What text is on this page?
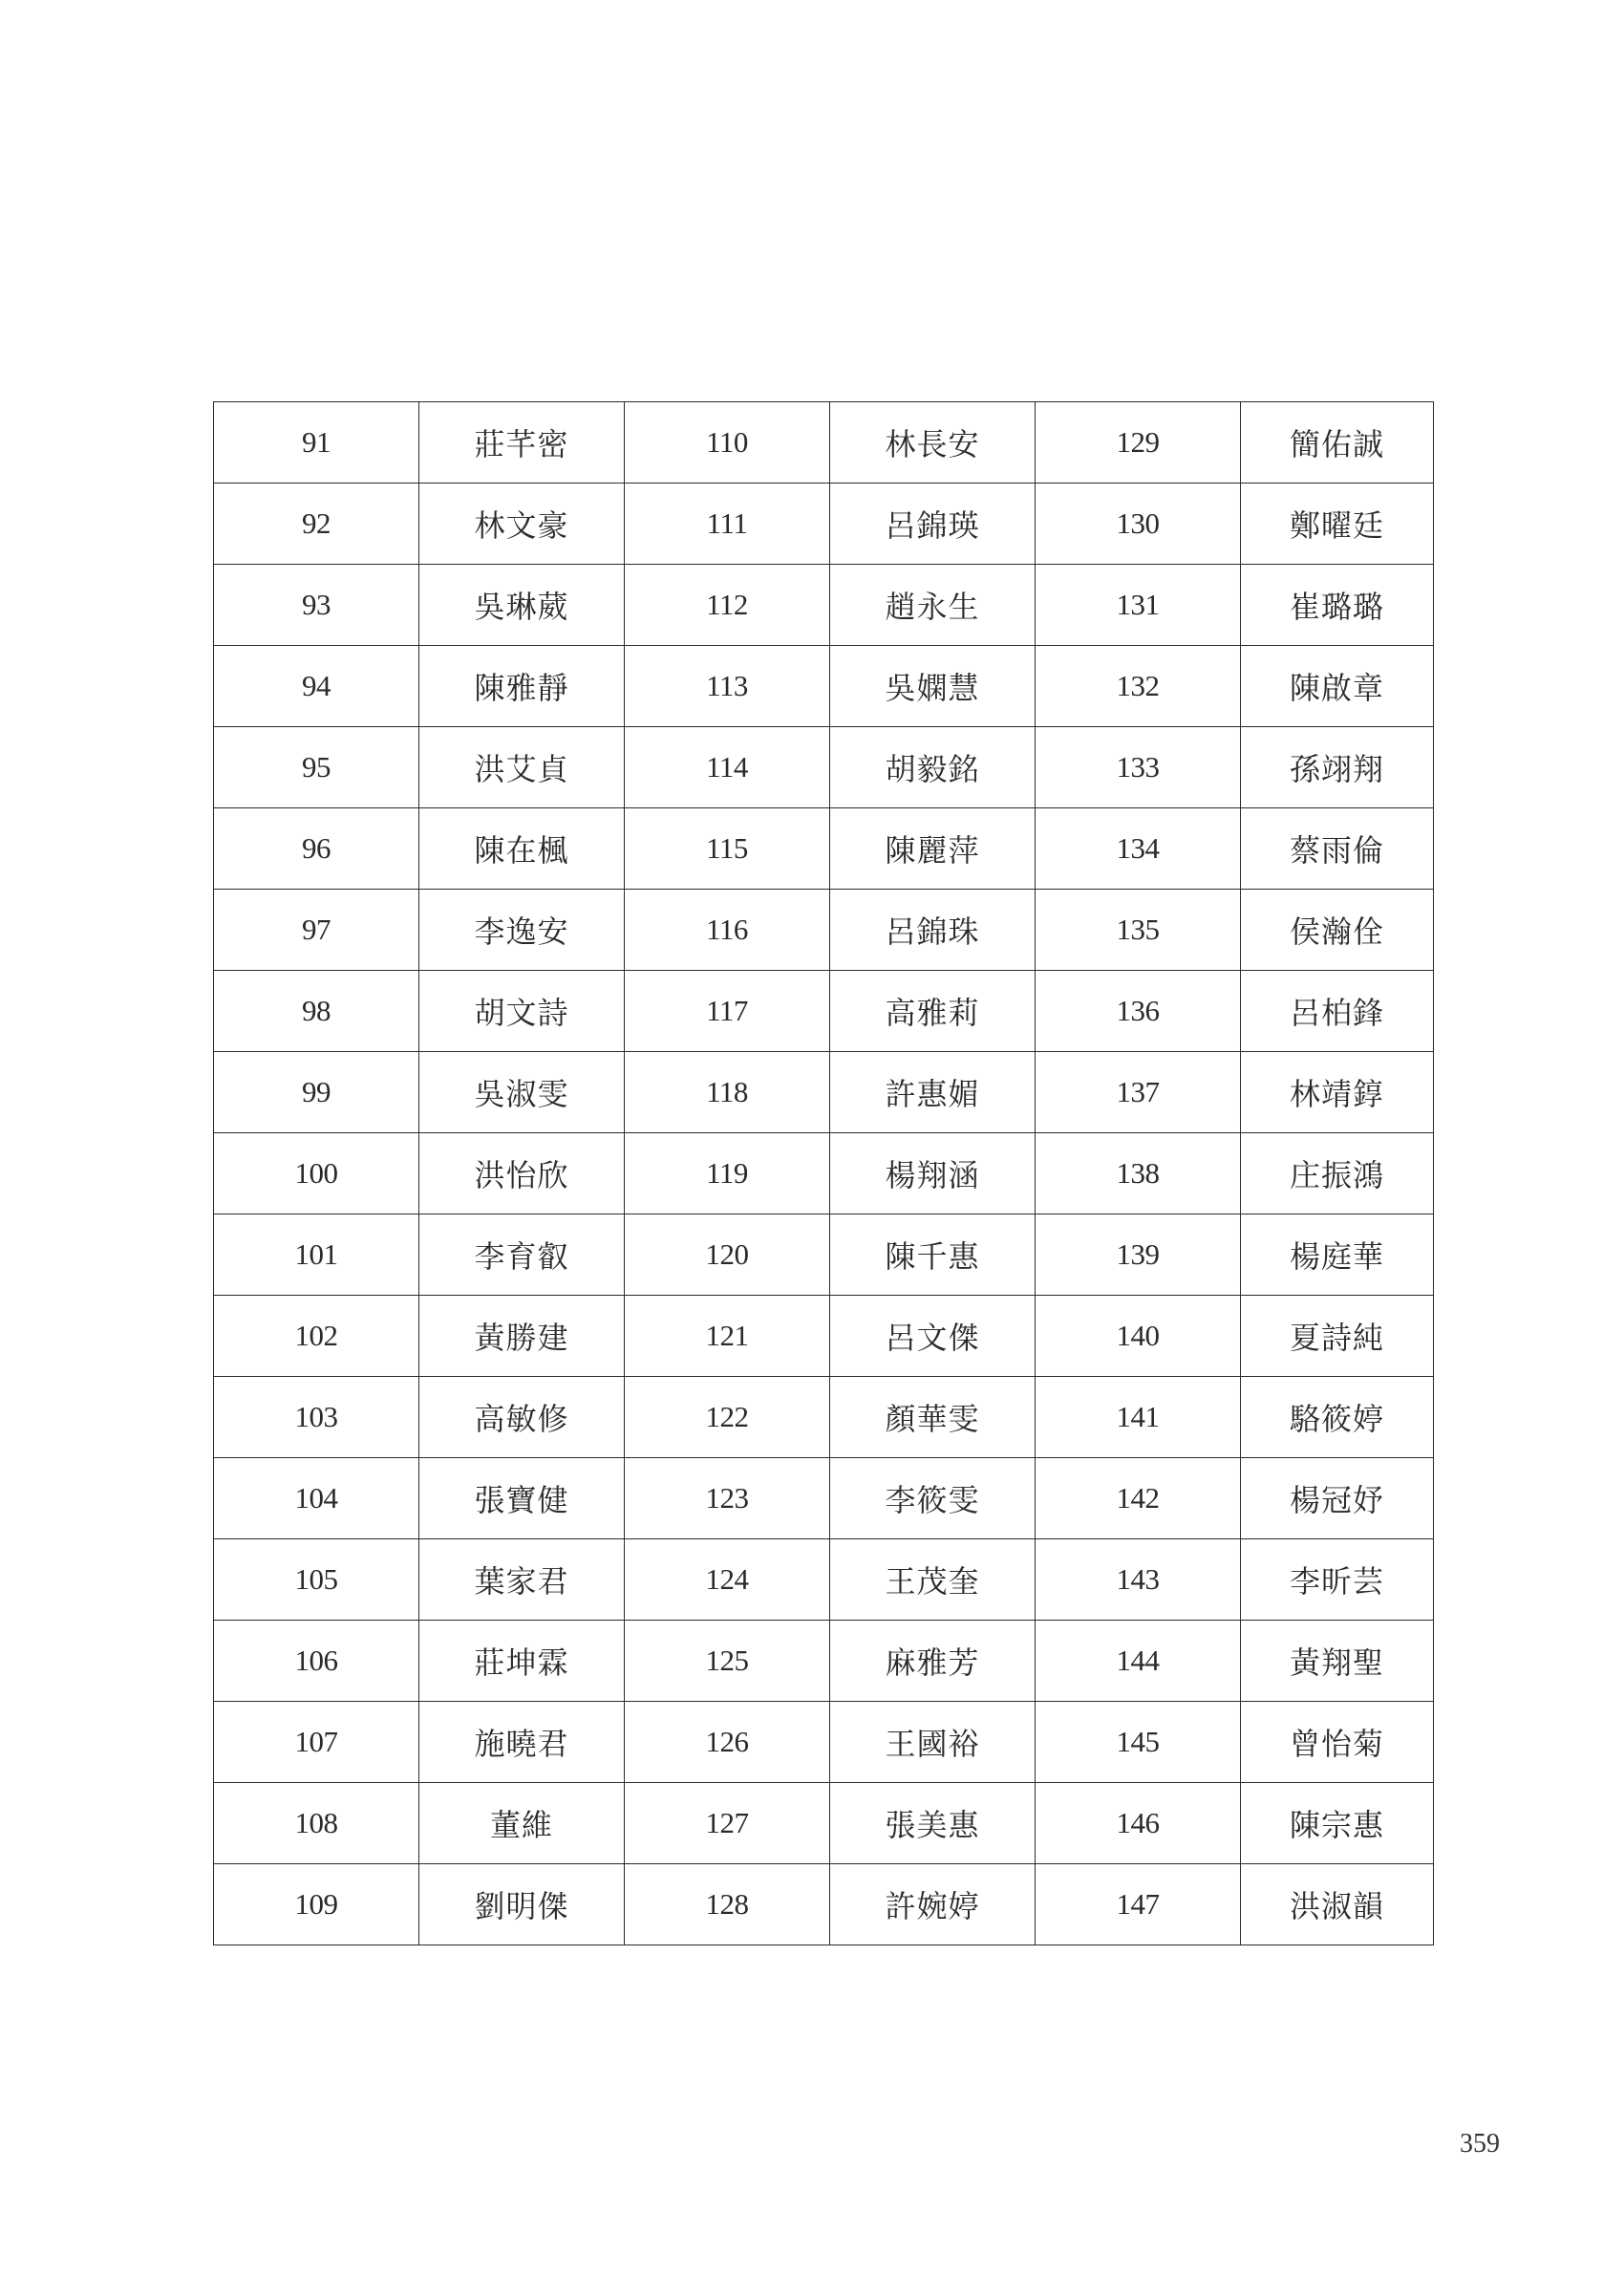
91	莊芊密	110	林長安	129	簡佑誠
92	林文豪	111	呂錦瑛	130	鄭曜廷
93	吳琳葳	112	趙永生	131	崔璐璐
94	陳雅靜	113	吳嫻慧	132	陳啟章
95	洪艾貞	114	胡毅銘	133	孫翊翔
96	陳在楓	115	陳麗萍	134	蔡雨倫
97	李逸安	116	呂錦珠	135	侯瀚佺
98	胡文詩	117	高雅莉	136	呂柏鋒
99	吳淑雯	118	許惠媚	137	林靖錞
100	洪怡欣	119	楊翔涵	138	庄振鴻
101	李育叡	120	陳千惠	139	楊庭華
102	黃勝建	121	呂文傑	140	夏詩純
103	高敏修	122	顏華雯	141	駱筱婷
104	張寶健	123	李筱雯	142	楊冠妤
105	葉家君	124	王茂奎	143	李昕芸
106	莊坤霖	125	麻雅芳	144	黃翔聖
107	施曉君	126	王國裕	145	曾怡菊
108	董維	127	張美惠	146	陳宗惠
109	劉明傑	128	許婉婷	147	洪淑韻
359
